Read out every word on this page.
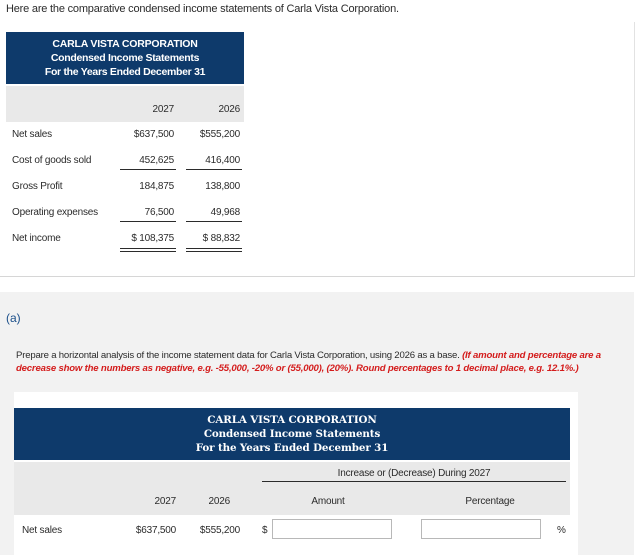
Here are the comparative condensed income statements of Carla Vista Corporation.
CARLA VISTA CORPORATION
Condensed Income Statements
For the Years Ended December 31
2027	2026
Net sales	$637,500	$555,200
Cost of goods sold	452,625	416,400
Gross Profit	184,875	138,800
Operating expenses	76,500	49,968
Net income	$ 108,375	$ 88,832
(a)
Prepare a horizontal analysis of the income statement data for Carla Vista Corporation, using 2026 as a base. (If amount and percentage are a decrease show the numbers as negative, e.g. -55,000, -20% or (55,000), (20%). Round percentages to 1 decimal place, e.g. 12.1%.)
CARLA VISTA CORPORATION
Condensed Income Statements
For the Years Ended December 31
Increase or (Decrease) During 2027
2027	2026	Amount	Percentage
Net sales	$637,500	$555,200 $	%
